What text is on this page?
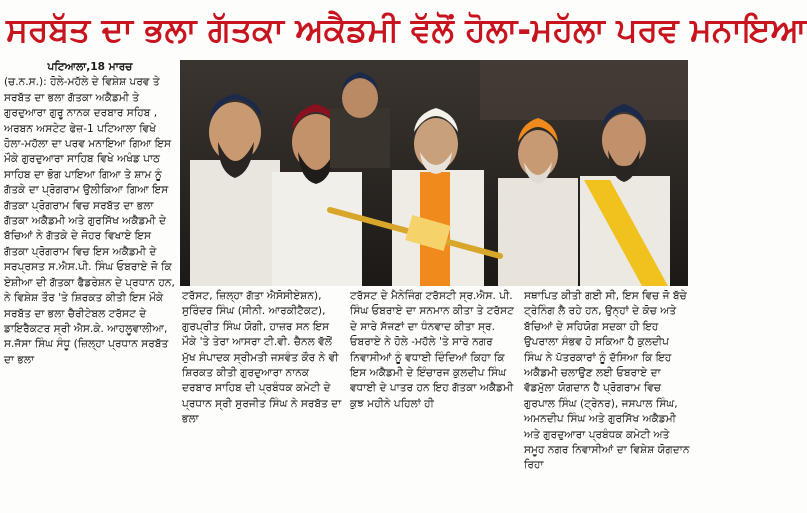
ਸਰਬੱਤ ਦਾ ਭਲਾ ਗੱਤਕਾ ਅਕੈਡਮੀ ਵੱਲੋਂ ਹੋਲਾ-ਮਹੱਲਾ ਪਰਵ ਮਨਾਇਆ

ਪਟਿਆਲਾ,18 ਮਾਰਚ

(ਚ.ਨ.ਸ.): ਹੋਲੇ-ਮਹੱਲੇ ਦੇ ਵਿਸ਼ੇਸ਼ ਪਰਵ ਤੇ ਸਰਬੱਤ ਦਾ ਭਲਾ ਗੱਤਕਾ ਅਕੈਡਮੀ ਤੇ ਗੁਰਦੁਆਰਾ ਗੁਰੂ ਨਾਨਕ ਦਰਬਾਰ ਸਹਿਬ , ਅਰਬਨ ਅਸਟੇਟ ਫੇਜ਼-1 ਪਟਿਆਲਾ ਵਿਖੇ ਹੋਲਾ-ਮਹੱਲਾ ਦਾ ਪਰਵ ਮਨਾਇਆ ਗਿਆ ਇਸ ਮੌਕੇ ਗੁਰਦੁਆਰਾ ਸਾਹਿਬ ਵਿਖੇ ਅਖੰਡ ਪਾਠ ਸਾਹਿਬ ਦਾ ਭੋਗ ਪਾਇਆ ਗਿਆ ਤੇ ਸ਼ਾਮ ਨੂੰ ਗੱਤਕੇ ਦਾ ਪ੍ਰੋਗਰਾਮ ਉਲੀਕਿਆ ਗਿਆ ਇਸ ਗੱਤਕਾ ਪ੍ਰੋਗਰਾਮ ਵਿਚ ਸਰਬੱਤ ਦਾ ਭਲਾ ਗੱਤਕਾ ਅਕੈਡਮੀ ਅਤੇ ਗੁਰਸਿੱਖ ਅਕੈਡਮੀ ਦੇ ਬੱਚਿਆਂ ਨੇ ਗੱਤਕੇ ਦੇ ਜੋਹਰ ਵਿਖਾਏ ਇਸ ਗੱਤਕਾ ਪ੍ਰੋਗਰਾਮ ਵਿਚ ਇਸ ਅਕੈਡਮੀ ਦੇ ਸਰਪ੍ਰਸਤ ਸ.ਐਸ.ਪੀ. ਸਿੰਘ ਓਬਰਾਏ ਜੋ ਕਿ ਏਸ਼ੀਆ ਦੀ ਗੱਤਕਾ ਫੈਡਰੇਸ਼ਨ ਦੇ ਪ੍ਰਧਾਨ ਹਨ, ਨੇ ਵਿਸ਼ੇਸ਼ ਤੌਰ 'ਤੇ ਸ਼ਿਰਕਤ ਕੀਤੀ ਇਸ ਮੌਕੇ ਸਰਬੱਤ ਦਾ ਭਲਾ ਚੈਰੀਟੇਬਲ ਟਰੱਸਟ ਦੇ ਡਾਇਰੈਕਟਰ ਸ੍ਰੀ ਐਸ.ਕੇ. ਆਹਲੂਵਾਲੀਆ, ਸ.ਜੱਸਾ ਸਿੰਘ ਸੰਧੂ (ਜ਼ਿਲ੍ਹਾ ਪ੍ਰਧਾਨ ਸਰਬੱਤ ਦਾ ਭਲਾ

ਟਰੱਸਟ, ਜ਼ਿਲ੍ਹਾ ਗੱਤਾ ਐਸੋਸੀਏਸ਼ਨ), ਸੁਰਿੰਦਰ ਸਿੰਘ (ਸੀਨੀ. ਆਰਕੀਟੈਕਟ), ਗੁਰਪ੍ਰੀਤ ਸਿੰਘ ਯੋਗੀ, ਹਾਜ਼ਰ ਸਨ ਇਸ ਮੌਕੇ 'ਤੇ ਤੇਰਾ ਆਸਰਾ ਟੀ.ਵੀ. ਚੈਨਲ ਵੱਲੋਂ ਮੁੱਖ ਸੰਪਾਦਕ ਸ੍ਰੀਮਤੀ ਜਸਵੰਤ ਕੌਰ ਨੇ ਵੀ ਸ਼ਿਰਕਤ ਕੀਤੀ ਗੁਰਦੁਆਰਾ ਨਾਨਕ ਦਰਬਾਰ ਸਾਹਿਬ ਦੀ ਪ੍ਰਬੰਧਕ ਕਮੇਟੀ ਦੇ ਪ੍ਰਧਾਨ ਸ੍ਰੀ ਸੁਰਜੀਤ ਸਿੰਘ ਨੇ ਸਰਬੱਤ ਦਾ ਭਲਾ

ਟਰੱਸਟ ਦੇ ਮੈਨੇਜਿੰਗ ਟਰੱਸਟੀ ਸ੍ਰ.ਐਸ. ਪੀ. ਸਿੰਘ ਓਬਰਾਏ ਦਾ ਸਨਮਾਨ ਕੀਤਾ ਤੇ ਟਰੱਸਟ ਦੇ ਸਾਰੇ ਸੱਜਣਾਂ ਦਾ ਧੰਨਵਾਦ ਕੀਤਾ ਸ੍ਰ. ਓਬਰਾਏ ਨੇ ਹੋਲੇ -ਮਹੱਲੇ 'ਤੇ ਸਾਰੇ ਨਗਰ ਨਿਵਾਸੀਆਂ ਨੂੰ ਵਧਾਈ ਦਿੰਦਿਆਂ ਕਿਹਾ ਕਿ ਇਸ ਅਕੈਡਮੀ ਦੇ ਇੰਚਾਰਜ ਕੁਲਦੀਪ ਸਿੰਘ ਵਧਾਈ ਦੇ ਪਾਤਰ ਹਨ ਇਹ ਗੱਤਕਾ ਅਕੈਡਮੀ ਕੁਝ ਮਹੀਨੇ ਪਹਿਲਾਂ ਹੀ

ਸਥਾਪਿਤ ਕੀਤੀ ਗਈ ਸੀ, ਇਸ ਵਿਚ ਜੋ ਬੱਚੇ ਟ੍ਰੇਨਿੰਗ ਲੈ ਰਹੇ ਹਨ, ਉਨ੍ਹਾਂ ਦੇ ਕੋਚ ਅਤੇ ਬੱਚਿਆਂ ਦੇ ਸਹਿਯੋਗ ਸਦਕਾ ਹੀ ਇਹ ਉਪਰਾਲਾ ਸੰਭਵ ਹੋ ਸਕਿਆ ਹੈ ਕੁਲਦੀਪ ਸਿੰਘ ਨੇ ਪੱਤਰਕਾਰਾਂ ਨੂੰ ਦੱਸਿਆ ਕਿ ਇਹ ਅਕੈਡਮੀ ਚਲਾਉਣ ਲਈ ਓਬਰਾਏ ਦਾ ਵੱਡਮੁੱਲਾ ਯੋਗਦਾਨ ਹੈ ਪ੍ਰੋਗਰਾਮ ਵਿਚ ਗੁਰਪਾਲ ਸਿੰਘ (ਟ੍ਰੇਨਰ), ਜਸਪਾਲ ਸਿੰਘ, ਅਮਨਦੀਪ ਸਿੰਘ ਅਤੇ ਗੁਰਸਿੱਖ ਅਕੈਡਮੀ ਅਤੇ ਗੁਰਦੁਆਰਾ ਪ੍ਰਬੰਧਕ ਕਮੇਟੀ ਅਤੇ ਸਮੂਹ ਨਗਰ ਨਿਵਾਸੀਆਂ ਦਾ ਵਿਸ਼ੇਸ਼ ਯੋਗਦਾਨ ਰਿਹਾ
